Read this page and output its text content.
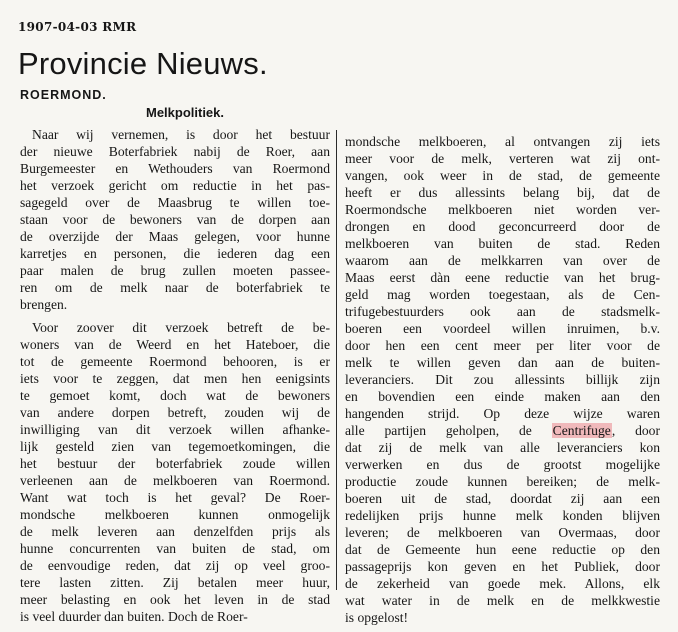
1907-04-03 RMR
Provincie Nieuws.
ROERMOND.
Melkpolitiek.
Naar wij vernemen, is door het bestuur
der nieuwe Boterfabriek nabij de Roer, aan
Burgemeester en Wethouders van Roermond
het verzoek gericht om reductie in het pas-
sagegeld over de Maasbrug te willen toe-
staan voor de bewoners van de dorpen aan
de overzijde der Maas gelegen, voor hunne
karretjes en personen, die iederen dag een
paar malen de brug zullen moeten passee-
ren om de melk naar de boterfabriek te
brengen.
Voor zoover dit verzoek betreft de be-
woners van de Weerd en het Hateboer, die
tot de gemeente Roermond behooren, is er
iets voor te zeggen, dat men hen eenigsints
te gemoet komt, doch wat de bewoners
van andere dorpen betreft, zouden wij de
inwilliging van dit verzoek willen afhanke-
lijk gesteld zien van tegemoetkomingen, die
het bestuur der boterfabriek zoude willen
verleenen aan de melkboeren van Roermond.
Want wat toch is het geval? De Roer-
mondsche melkboeren kunnen onmogelijk
de melk leveren aan denzelfden prijs als
hunne concurrenten van buiten de stad, om
de eenvoudige reden, dat zij op veel groo-
tere lasten zitten. Zij betalen meer huur,
meer belasting en ook het leven in de stad
is veel duurder dan buiten. Doch de Roer-
mondsche melkboeren, al ontvangen zij iets
meer voor de melk, verteren wat zij ont-
vangen, ook weer in de stad, de gemeente
heeft er dus allessints belang bij, dat de
Roermondsche melkboeren niet worden ver-
drongen en dood geconcurreerd door de
melkboeren van buiten de stad. Reden
waarom aan de melkkarren van over de
Maas eerst dàn eene reductie van het brug-
geld mag worden toegestaan, als de Cen-
trifugebestuurders ook aan de stadsmelk-
boeren een voordeel willen inruimen, b.v.
door hen een cent meer per liter voor de
melk te willen geven dan aan de buiten-
leveranciers. Dit zou allessints billijk zijn
en bovendien een einde maken aan den
hangenden strijd. Op deze wijze waren
alle partijen geholpen, de Centrifuge, door
dat zij de melk van alle leveranciers kon
verwerken en dus de grootst mogelijke
productie zoude kunnen bereiken; de melk-
boeren uit de stad, doordat zij aan een
redelijken prijs hunne melk konden blijven
leveren; de melkboeren van Overmaas, door
dat de Gemeente hun eene reductie op den
passageprijs kon geven en het Publiek, door
de zekerheid van goede mek. Allons, elk
wat water in de melk en de melkkwestie
is opgelost!
